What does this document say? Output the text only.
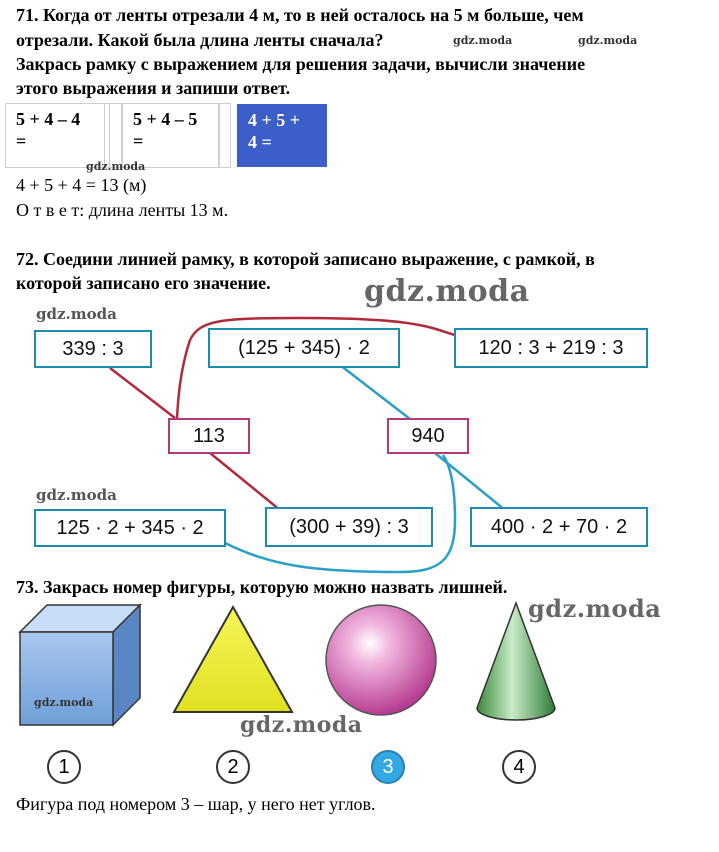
71. Когда от ленты отрезали 4 м, то в ней осталось на 5 м больше, чем
отрезали. Какой была длина ленты сначала?
Закрась рамку с выражением для решения задачи, вычисли значение
этого выражения и запиши ответ.
gdz.moda	gdz.moda
5 + 4 – 4
=
5 + 4 – 5
=
4 + 5 +
4 =
gdz.moda
4 + 5 + 4 = 13 (м)
О т в е т: длина ленты 13 м.
72. Соедини линией рамку, в которой записано выражение, с рамкой, в
которой записано его значение.	gdz.moda
gdz.moda
gdz.moda
339 : 3	(125 + 345) · 2	120 : 3 + 219 : 3
113	940
125 · 2 + 345 · 2	(300 + 39) : 3	400 · 2 + 70 · 2
73. Закрась номер фигуры, которую можно назвать лишней.
gdz.moda
gdz.moda
gdz.moda
1	2	3	4
Фигура под номером 3 – шар, у него нет углов.
